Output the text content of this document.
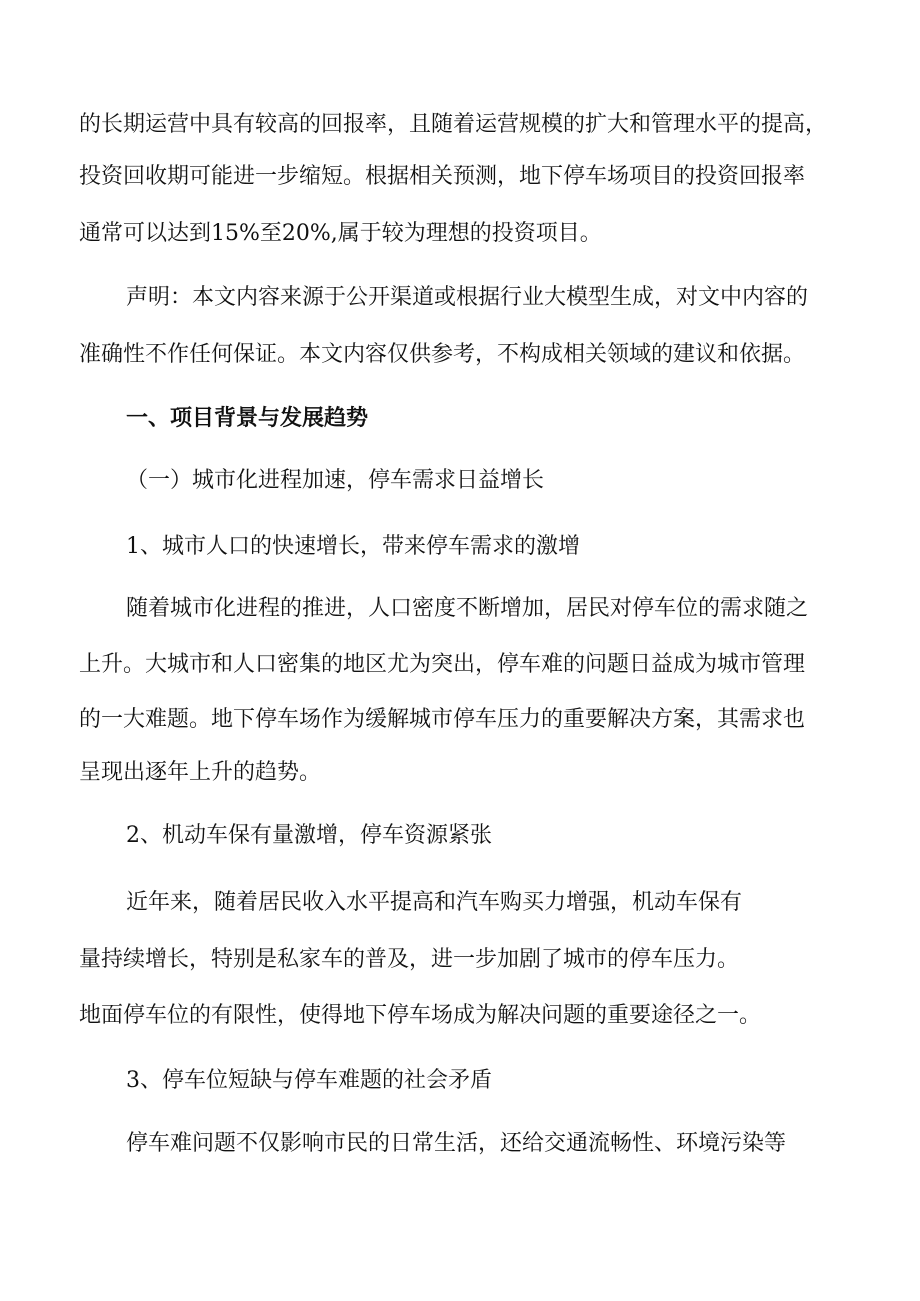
的长期运营中具有较高的回报率，且随着运营规模的扩大和管理水平的提高，
投资回收期可能进一步缩短。根据相关预测，地下停车场项目的投资回报率
通常可以达到15%至20%,属于较为理想的投资项目。
声明：本文内容来源于公开渠道或根据行业大模型生成，对文中内容的
准确性不作任何保证。本文内容仅供参考，不构成相关领域的建议和依据。
一、项目背景与发展趋势
（一）城市化进程加速，停车需求日益增长
1、城市人口的快速增长，带来停车需求的激增
随着城市化进程的推进，人口密度不断增加，居民对停车位的需求随之
上升。大城市和人口密集的地区尤为突出，停车难的问题日益成为城市管理
的一大难题。地下停车场作为缓解城市停车压力的重要解决方案，其需求也
呈现出逐年上升的趋势。
2、机动车保有量激增，停车资源紧张
近年来，随着居民收入水平提高和汽车购买力增强，机动车保有
量持续增长，特别是私家车的普及，进一步加剧了城市的停车压力。
地面停车位的有限性，使得地下停车场成为解决问题的重要途径之一。
3、停车位短缺与停车难题的社会矛盾
停车难问题不仅影响市民的日常生活，还给交通流畅性、环境污染等
